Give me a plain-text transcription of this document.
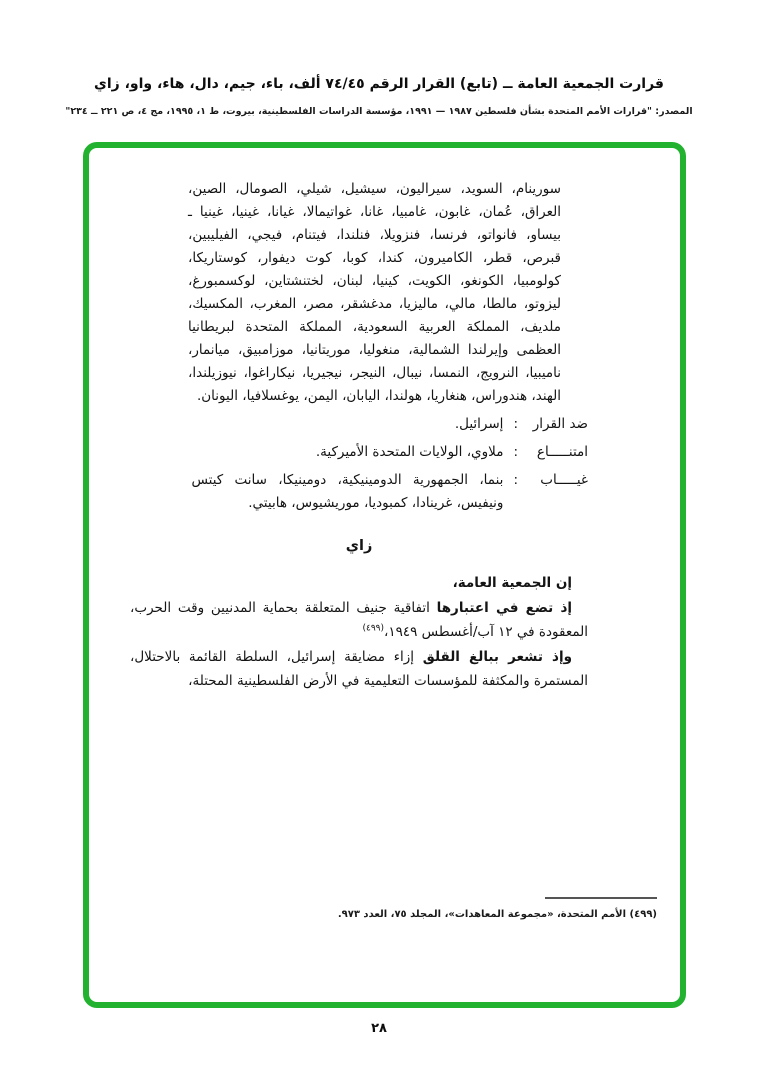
قرارت الجمعية العامة ــ (تابع) القرار الرقم ٧٤/٤٥ ألف، باء، جيم، دال، هاء، واو، زاي
المصدر: "قرارات الأمم المتحدة بشأن فلسطين ١٩٨٧ — ١٩٩١، مؤسسة الدراسات الفلسطينية، بيروت، ط ١، ١٩٩٥، مج ٤، ص ٢٢١ ــ ٢٣٤"

سورينام، السويد، سيراليون، سيشيل، شيلي، الصومال، الصين، العراق، عُمان، غابون، غامبيا، غانا، غواتيمالا، غيانا، غينيا، غينيا ـ بيساو، فانواتو، فرنسا، فنزويلا، فنلندا، فيتنام، فيجي، الفيليبين، قبرص، قطر، الكاميرون، كندا، كوبا، كوت ديفوار، كوستاريكا، كولومبيا، الكونغو، الكويت، كينيا، لبنان، لختنشتاين، لوكسمبورغ، ليزوتو، مالطا، مالي، ماليزيا، مدغشقر، مصر، المغرب، المكسيك، ملديف، المملكة العربية السعودية، المملكة المتحدة لبريطانيا العظمى وإيرلندا الشمالية، منغوليا، موريتانيا، موزامبيق، ميانمار، ناميبيا، النرويج، النمسا، نيبال، النيجر، نيجيريا، نيكاراغوا، نيوزيلندا، الهند، هندوراس، هنغاريا، هولندا، اليابان، اليمن، يوغسلافيا، اليونان.

ضد القرار
:
إسرائيل.
امتنـــــاع
:
ملاوي، الولايات المتحدة الأميركية.
غيـــــاب
:
بنما، الجمهورية الدومينيكية، دومينيكا، سانت كيتس ونيفيس، غرينادا، كمبوديا، موريشيوس، هابيتي.
زاي

إن الجمعية العامة،

إذ تضع في اعتبارها اتفاقية جنيف المتعلقة بحماية المدنيين وقت الحرب، المعقودة في ١٢ آب/أغسطس ١٩٤٩،$^{(٤٩٩)}$

وإذ تشعر ببالغ القلق إزاء مضايقة إسرائيل، السلطة القائمة بالاحتلال، المستمرة والمكثفة للمؤسسات التعليمية في الأرض الفلسطينية المحتلة،

(٤٩٩) الأمم المتحدة، «مجموعة المعاهدات»، المجلد ٧٥، العدد ٩٧٣.
٢٨
